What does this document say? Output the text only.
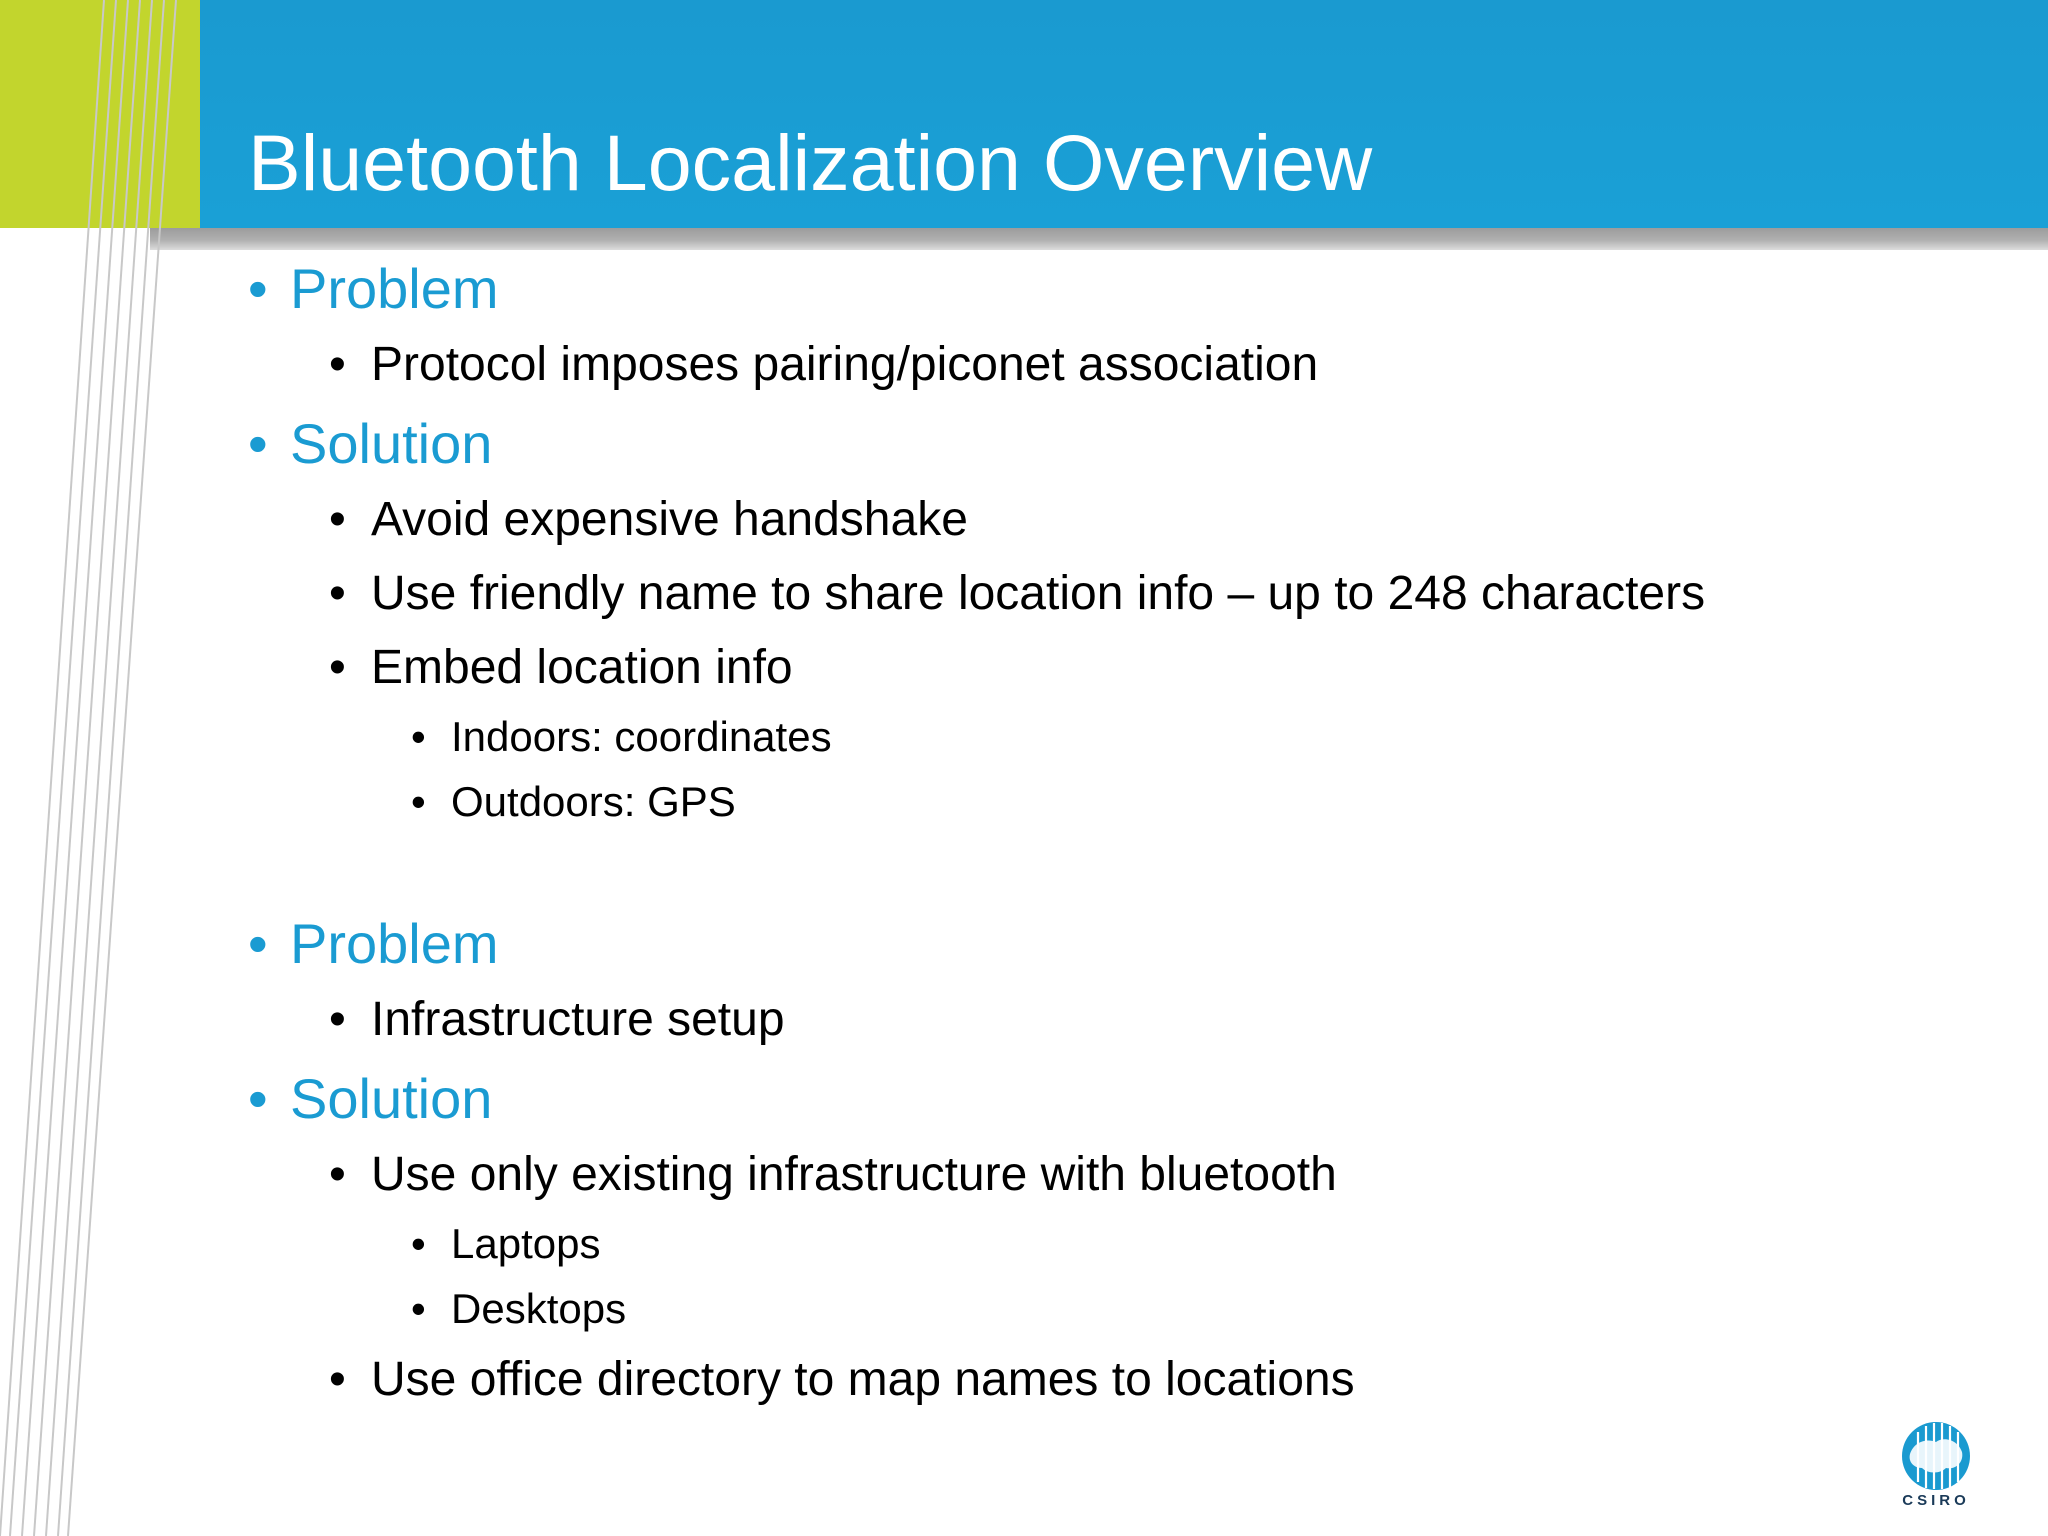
Bluetooth Localization Overview
• Problem
• Protocol imposes pairing/piconet association
• Solution
• Avoid expensive handshake
• Use friendly name to share location info – up to 248 characters
• Embed location info
• Indoors: coordinates
• Outdoors: GPS
• Problem
• Infrastructure setup
• Solution
• Use only existing infrastructure with bluetooth
• Laptops
• Desktops
• Use office directory to map names to locations
CSIRO
